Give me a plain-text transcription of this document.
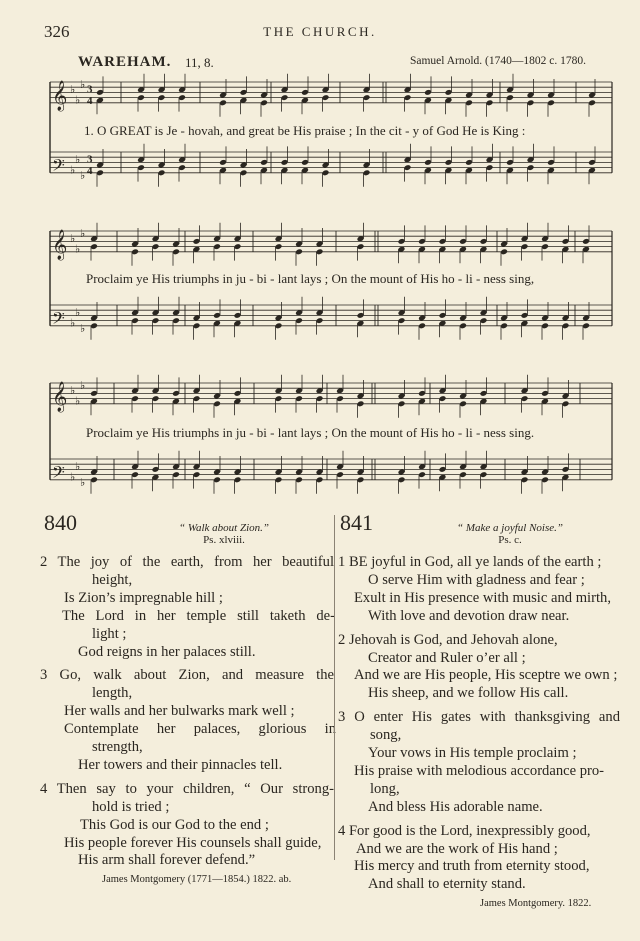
326	THE CHURCH.
WAREHAM. 11, 8.	Samuel Arnold. (1740—1802 c. 1780.
𝄞 ♭
♭
♭ 3
4
𝄢 ♭
♭
♭
3
4
𝄞 ♭
♭
♭
𝄢 ♭
♭
♭
𝄞 ♭
♭
♭
𝄢 ♭
♭
♭
1. O GREAT is Je - hovah, and great be His praise ; In the cit - y of God He is King :
Proclaim ye His triumphs in ju - bi - lant lays ; On the mount of His ho - li - ness sing,
Proclaim ye His triumphs in ju - bi - lant lays ; On the mount of His ho - li - ness sing.
840	“ Walk about Zion.”
Ps. xlviii.
2 The joy of the earth, from her beautiful
height,
Is Zion’s impregnable hill ;
The Lord in her temple still taketh de-
light ;
God reigns in her palaces still.
3 Go, walk about Zion, and measure the
length,
Her walls and her bulwarks mark well ;
Contemplate her palaces, glorious in
strength,
Her towers and their pinnacles tell.
4 Then say to your children, “ Our strong-
hold is tried ;
This God is our God to the end ;
His people forever His counsels shall guide,
His arm shall forever defend.”
James Montgomery (1771—1854.) 1822. ab.
841	“ Make a joyful Noise.”
Ps. c.
1 BE joyful in God, all ye lands of the earth ;
O serve Him with gladness and fear ;
Exult in His presence with music and mirth,
With love and devotion draw near.
2 Jehovah is God, and Jehovah alone,
Creator and Ruler o’er all ;
And we are His people, His sceptre we own ;
His sheep, and we follow His call.
3 O enter His gates with thanksgiving and
song,
Your vows in His temple proclaim ;
His praise with melodious accordance pro-
long,
And bless His adorable name.
4 For good is the Lord, inexpressibly good,
And we are the work of His hand ;
His mercy and truth from eternity stood,
And shall to eternity stand.
James Montgomery. 1822.
